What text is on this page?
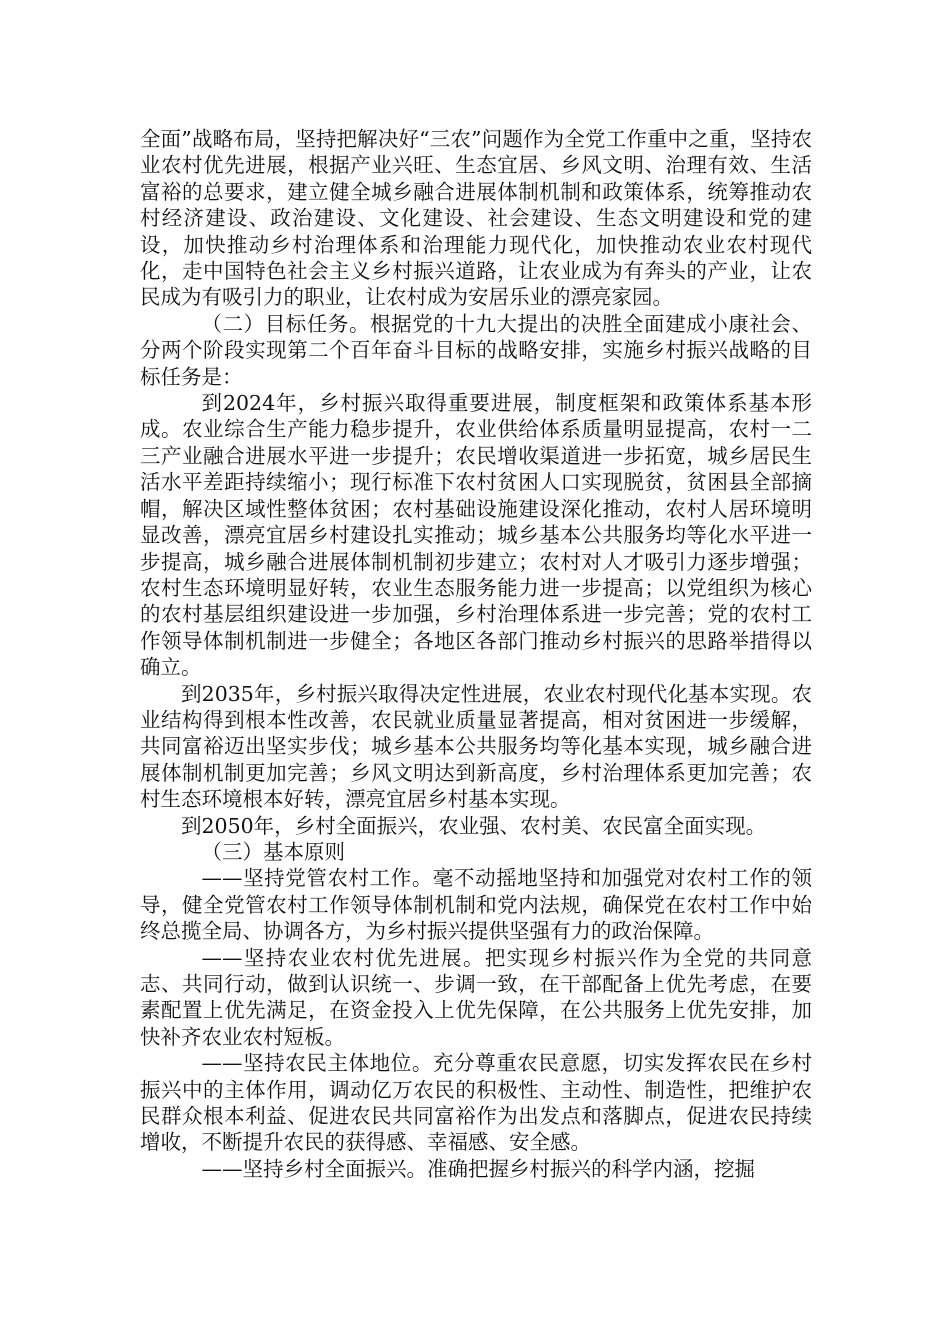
全面”战略布局，坚持把解决好“三农”问题作为全党工作重中之重，坚持农业农村优先进展，根据产业兴旺、生态宜居、乡风文明、治理有效、生活富裕的总要求，建立健全城乡融合进展体制机制和政策体系，统筹推动农村经济建设、政治建设、文化建设、社会建设、生态文明建设和党的建设，加快推动乡村治理体系和治理能力现代化，加快推动农业农村现代化，走中国特色社会主义乡村振兴道路，让农业成为有奔头的产业，让农民成为有吸引力的职业，让农村成为安居乐业的漂亮家园。

（二）目标任务。根据党的十九大提出的决胜全面建成小康社会、分两个阶段实现第二个百年奋斗目标的战略安排，实施乡村振兴战略的目标任务是：

到2024年，乡村振兴取得重要进展，制度框架和政策体系基本形成。农业综合生产能力稳步提升，农业供给体系质量明显提高，农村一二三产业融合进展水平进一步提升；农民增收渠道进一步拓宽，城乡居民生活水平差距持续缩小；现行标准下农村贫困人口实现脱贫，贫困县全部摘帽，解决区域性整体贫困；农村基础设施建设深化推动，农村人居环境明显改善，漂亮宜居乡村建设扎实推动；城乡基本公共服务均等化水平进一步提高，城乡融合进展体制机制初步建立；农村对人才吸引力逐步增强；农村生态环境明显好转，农业生态服务能力进一步提高；以党组织为核心的农村基层组织建设进一步加强，乡村治理体系进一步完善；党的农村工作领导体制机制进一步健全；各地区各部门推动乡村振兴的思路举措得以确立。

到2035年，乡村振兴取得决定性进展，农业农村现代化基本实现。农业结构得到根本性改善，农民就业质量显著提高，相对贫困进一步缓解，共同富裕迈出坚实步伐；城乡基本公共服务均等化基本实现，城乡融合进展体制机制更加完善；乡风文明达到新高度，乡村治理体系更加完善；农村生态环境根本好转，漂亮宜居乡村基本实现。

到2050年，乡村全面振兴，农业强、农村美、农民富全面实现。

（三）基本原则

——坚持党管农村工作。毫不动摇地坚持和加强党对农村工作的领导，健全党管农村工作领导体制机制和党内法规，确保党在农村工作中始终总揽全局、协调各方，为乡村振兴提供坚强有力的政治保障。

——坚持农业农村优先进展。把实现乡村振兴作为全党的共同意志、共同行动，做到认识统一、步调一致，在干部配备上优先考虑，在要素配置上优先满足，在资金投入上优先保障，在公共服务上优先安排，加快补齐农业农村短板。

——坚持农民主体地位。充分尊重农民意愿，切实发挥农民在乡村振兴中的主体作用，调动亿万农民的积极性、主动性、制造性，把维护农民群众根本利益、促进农民共同富裕作为出发点和落脚点，促进农民持续增收，不断提升农民的获得感、幸福感、安全感。

——坚持乡村全面振兴。准确把握乡村振兴的科学内涵，挖掘
